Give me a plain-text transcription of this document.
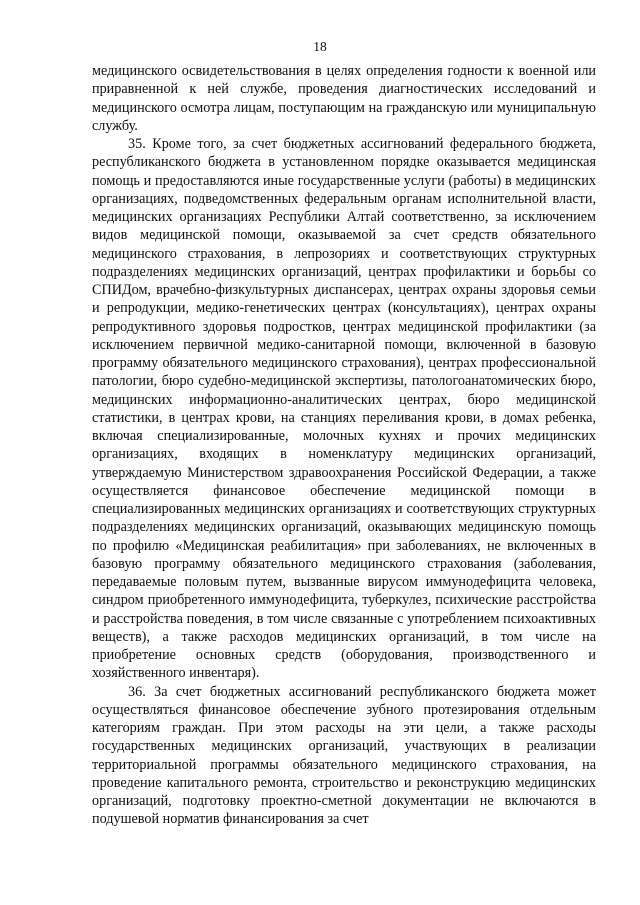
18

медицинского освидетельствования в целях определения годности к военной или приравненной к ней службе, проведения диагностических исследований и медицинского осмотра лицам, поступающим на гражданскую или муниципальную службу.

35. Кроме того, за счет бюджетных ассигнований федерального бюджета, республиканского бюджета в установленном порядке оказывается медицинская помощь и предоставляются иные государственные услуги (работы) в медицинских организациях, подведомственных федеральным органам исполнительной власти, медицинских организациях Республики Алтай соответственно, за исключением видов медицинской помощи, оказываемой за счет средств обязательного медицинского страхования, в лепрозориях и соответствующих структурных подразделениях медицинских организаций, центрах профилактики и борьбы со СПИДом, врачебно-физкультурных диспансерах, центрах охраны здоровья семьи и репродукции, медико-генетических центрах (консультациях), центрах охраны репродуктивного здоровья подростков, центрах медицинской профилактики (за исключением первичной медико-санитарной помощи, включенной в базовую программу обязательного медицинского страхования), центрах профессиональной патологии, бюро судебно-медицинской экспертизы, патологоанатомических бюро, медицинских информационно-аналитических центрах, бюро медицинской статистики, в центрах крови, на станциях переливания крови, в домах ребенка, включая специализированные, молочных кухнях и прочих медицинских организациях, входящих в номенклатуру медицинских организаций, утверждаемую Министерством здравоохранения Российской Федерации, а также осуществляется финансовое обеспечение медицинской помощи в специализированных медицинских организациях и соответствующих структурных подразделениях медицинских организаций, оказывающих медицинскую помощь по профилю «Медицинская реабилитация» при заболеваниях, не включенных в базовую программу обязательного медицинского страхования (заболевания, передаваемые половым путем, вызванные вирусом иммунодефицита человека, синдром приобретенного иммунодефицита, туберкулез, психические расстройства и расстройства поведения, в том числе связанные с употреблением психоактивных веществ), а также расходов медицинских организаций, в том числе на приобретение основных средств (оборудования, производственного и хозяйственного инвентаря).

36. За счет бюджетных ассигнований республиканского бюджета может осуществляться финансовое обеспечение зубного протезирования отдельным категориям граждан. При этом расходы на эти цели, а также расходы государственных медицинских организаций, участвующих в реализации территориальной программы обязательного медицинского страхования, на проведение капитального ремонта, строительство и реконструкцию медицинских организаций, подготовку проектно-сметной документации не включаются в подушевой норматив финансирования за счет
